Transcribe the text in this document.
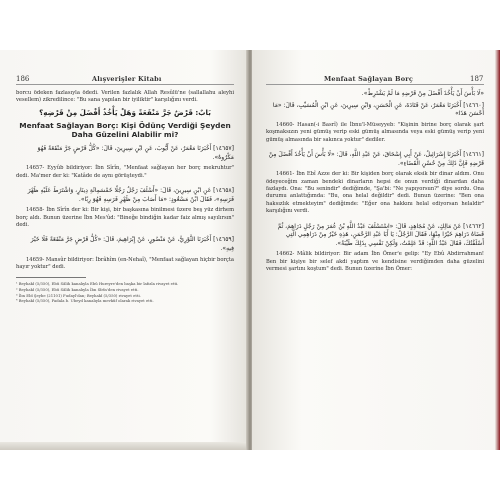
186	Alışverişler Kitabı

borcu ödeken fazlasıyla ödedi. Verilen fazlalık Allah Resûlü'ne (sallallahu aleyhi vesellem) zikredilince: "Bu sana yapılan bir iyiliktir" karşılığını verdi.

بَابٌ: قَرْضٌ جَرَّ مَنْفَعَةً وَهَلْ يَأْخُذُ أَفْضَلَ مِنْ قَرْضِهِ؟

Menfaat Sağlayan Borç: Kişi Ödünç Verdiği Şeyden Daha Güzelini Alabilir mi?

[١٤٦٥٧] أَخْبَرَنَا مَعْمَرٌ، عَنْ أَيُّوبَ، عَنِ ابْنِ سِيرِينَ، قَالَ: «كُلُّ قَرْضٍ جَرَّ مَنْفَعَةً فَهُوَ مَكْرُوهٌ».

14657- Eyyûb bildiriyor: İbn Sîrîn, "Menfaat sağlayan her borç mekruhtur" dedi. Ma'mer der ki: "Katâde de aynı görüşteydi."

[١٤٦٥٨] عَنِ ابْنِ سِيرِينَ، قَالَ: «أَسْلَفَ رَجُلٌ رَجُلًا خَمْسَمِائَةِ دِينَارٍ، وَاشْتَرَطَ عَلَيْهِ ظَهْرَ فَرَسِهِ»، فَقَالَ ابْنُ مَسْعُودٍ: «مَا أَصَابَ مِنْ ظَهْرِ فَرَسِهِ فَهُوَ رِبًا».

14658- İbn Sîrîn der ki: Bir kişi, bir başkasına binilmesi üzere beş yüz dirhem borç aldı. Bunun üzerine İbn Mes'ûd: "Bineğe bindiğin kadar faiz almış sayılırsın" dedi.

[١٤٦٥٩] أَخْبَرَنَا الثَّوْرِيُّ، عَنْ مَنْصُورٍ، عَنْ إِبْرَاهِيمَ، قَالَ: «كُلُّ قَرْضٍ جَرَّ مَنْفَعَةً فَلَا خَيْرَ فِيهِ».

14659- Mansûr bildiriyor: İbrâhîm (en-Nehaî), "Menfaat sağlayan hiçbir borçta hayır yoktur" dedi.

¹ Beyhakî (5/350), Ebû Sâlih kanalıyla Ebû Hureyre'den başka bir lafızla rivayet etti.

² Beyhakî (5/350), Ebû Sâlih kanalıyla İbn Sîrîn'den rivayet etti.

³ İbn Ebî Şeybe (21101) Fudayl'dan; Beyhakî (5/350) rivayet etti.

⁴ Beyhakî (5/350), Fadala b. Ubeyd kanalıyla mevkûf olarak rivayet etti.

Menfaat Sağlayan Borç	187

«لَا بَأْسَ أَنْ يَأْخُذَ أَفْضَلَ مِنْ قَرْضِهِ مَا لَمْ يَشْتَرِطْ».

[١٤٦٦٠] أَخْبَرَنَا مَعْمَرٌ، عَنْ قَتَادَةَ، عَنِ الْحَسَنِ، وَابْنِ سِيرِينَ، عَنِ ابْنِ الْمُسَيِّبِ، قَالَ: «مَا أَحْسَنَ هَذَا»

14660- Hasan(-i Basrî) ile İbnu'l-Müseyyeb: "Kişinin birine borç olarak şart koşmaksızın yeni gümüş verip eski gümüş almasında veya eski gümüş verip yeni gümüş almasında bir sakınca yoktur" dediler.

[١٤٦٦١] أَخْبَرَنَا إِسْرَائِيلُ، عَنْ أَبِي إِسْحَاقَ، عَنْ عَبْدِ اللَّهِ، قَالَ: «لَا بَأْسَ أَنْ يَأْخُذَ أَفْضَلَ مِنْ قَرْضِهِ فَإِنَّ ذَلِكَ مِنْ حُسْنِ الْقَضَاءِ».

14661- İbn Ebî Azze der ki: Bir kişiden borç olarak eksik bir dinar aldım. Onu ödeyeceğim zaman bendeki dinarların hepsi de onun verdiği dinardan daha fazlaydı. Ona: "Bu senindir" dediğimde, "Şa'bi: "Ne yapıyorsun?" diye sordu. Ona durumu anlattığımda: "Bu, ona helal değildir" dedi. Bunun üzerine: "Ben ona haksızlık etmekteyim" dediğimde: "Eğer ona hakkını helal ediyorsan helaldir" karşılığını verdi.

[١٤٦٦٢] عَنْ مَالِكٍ، عَنْ مُجَاهِدٍ، قَالَ: «اسْتَسْلَفَ عَبْدُ اللَّهِ بْنُ عُمَرَ مِنْ رَجُلٍ دَرَاهِمَ، ثُمَّ قَضَاهُ دَرَاهِمَ خَيْرًا مِنْهَا، فَقَالَ الرَّجُلُ: يَا أَبَا عَبْدِ الرَّحْمَنِ، هَذِهِ خَيْرٌ مِنْ دَرَاهِمِي الَّتِي أَسْلَفْتُكَ، فَقَالَ عَبْدُ اللَّهِ: قَدْ عَلِمْتُ، وَلَكِنْ نَفْسِي بِذَلِكَ طَيِّبَةٌ».

14662- Mâlik bildiriyor: Bir adam İbn Ömer'e gelip: "Ey Ebû Abdirrahman! Ben bir kişiye bir selef akdi yaptım ve kendisine verdiğimden daha güzelini vermesi şartını koştum" dedi. Bunun üzerine İbn Ömer:
